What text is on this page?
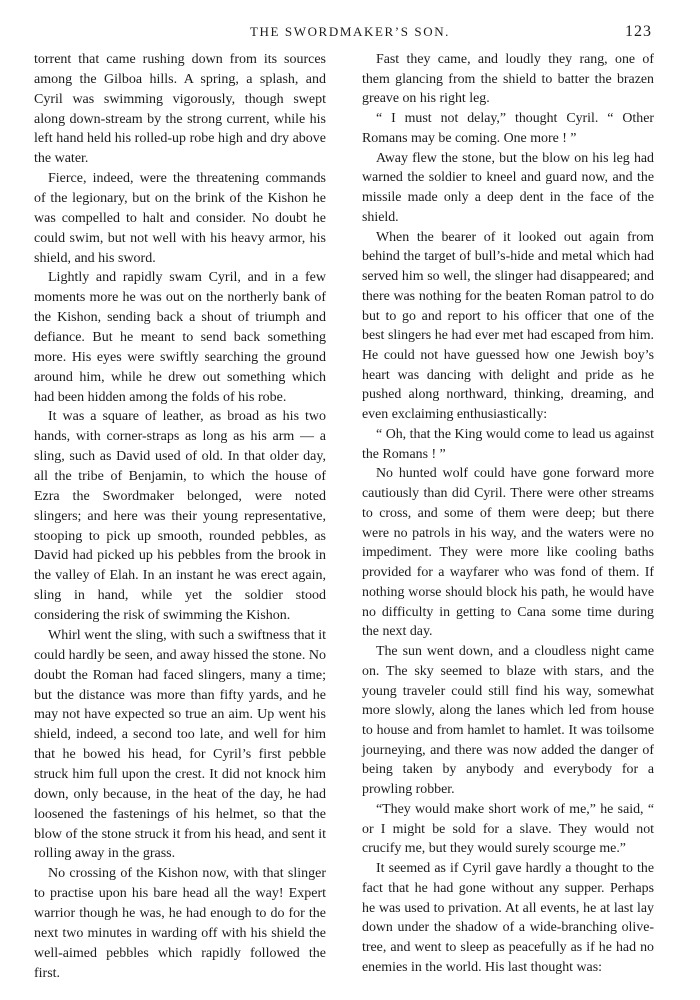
THE SWORDMAKER’S SON.	123

torrent that came rushing down from its sources among the Gilboa hills. A spring, a splash, and Cyril was swimming vigorously, though swept along down-stream by the strong current, while his left hand held his rolled-up robe high and dry above the water.

Fierce, indeed, were the threatening commands of the legionary, but on the brink of the Kishon he was compelled to halt and consider. No doubt he could swim, but not well with his heavy armor, his shield, and his sword.

Lightly and rapidly swam Cyril, and in a few moments more he was out on the northerly bank of the Kishon, sending back a shout of triumph and defiance. But he meant to send back something more. His eyes were swiftly searching the ground around him, while he drew out something which had been hidden among the folds of his robe.

It was a square of leather, as broad as his two hands, with corner-straps as long as his arm — a sling, such as David used of old. In that older day, all the tribe of Benjamin, to which the house of Ezra the Swordmaker belonged, were noted slingers; and here was their young representative, stooping to pick up smooth, rounded pebbles, as David had picked up his pebbles from the brook in the valley of Elah. In an instant he was erect again, sling in hand, while yet the soldier stood considering the risk of swimming the Kishon.

Whirl went the sling, with such a swiftness that it could hardly be seen, and away hissed the stone. No doubt the Roman had faced slingers, many a time; but the distance was more than fifty yards, and he may not have expected so true an aim. Up went his shield, indeed, a second too late, and well for him that he bowed his head, for Cyril’s first pebble struck him full upon the crest. It did not knock him down, only because, in the heat of the day, he had loosened the fastenings of his helmet, so that the blow of the stone struck it from his head, and sent it rolling away in the grass.

No crossing of the Kishon now, with that slinger to practise upon his bare head all the way! Expert warrior though he was, he had enough to do for the next two minutes in warding off with his shield the well-aimed pebbles which rapidly followed the first.

Fast they came, and loudly they rang, one of them glancing from the shield to batter the brazen greave on his right leg.

“ I must not delay,” thought Cyril. “ Other Romans may be coming. One more ! ”

Away flew the stone, but the blow on his leg had warned the soldier to kneel and guard now, and the missile made only a deep dent in the face of the shield.

When the bearer of it looked out again from behind the target of bull’s-hide and metal which had served him so well, the slinger had disappeared; and there was nothing for the beaten Roman patrol to do but to go and report to his officer that one of the best slingers he had ever met had escaped from him. He could not have guessed how one Jewish boy’s heart was dancing with delight and pride as he pushed along northward, thinking, dreaming, and even exclaiming enthusiastically:

“ Oh, that the King would come to lead us against the Romans ! ”

No hunted wolf could have gone forward more cautiously than did Cyril. There were other streams to cross, and some of them were deep; but there were no patrols in his way, and the waters were no impediment. They were more like cooling baths provided for a wayfarer who was fond of them. If nothing worse should block his path, he would have no difficulty in getting to Cana some time during the next day.

The sun went down, and a cloudless night came on. The sky seemed to blaze with stars, and the young traveler could still find his way, somewhat more slowly, along the lanes which led from house to house and from hamlet to hamlet. It was toilsome journeying, and there was now added the danger of being taken by anybody and everybody for a prowling robber.

“They would make short work of me,” he said, “ or I might be sold for a slave. They would not crucify me, but they would surely scourge me.”

It seemed as if Cyril gave hardly a thought to the fact that he had gone without any supper. Perhaps he was used to privation. At all events, he at last lay down under the shadow of a wide-branching olive-tree, and went to sleep as peacefully as if he had no enemies in the world. His last thought was:
